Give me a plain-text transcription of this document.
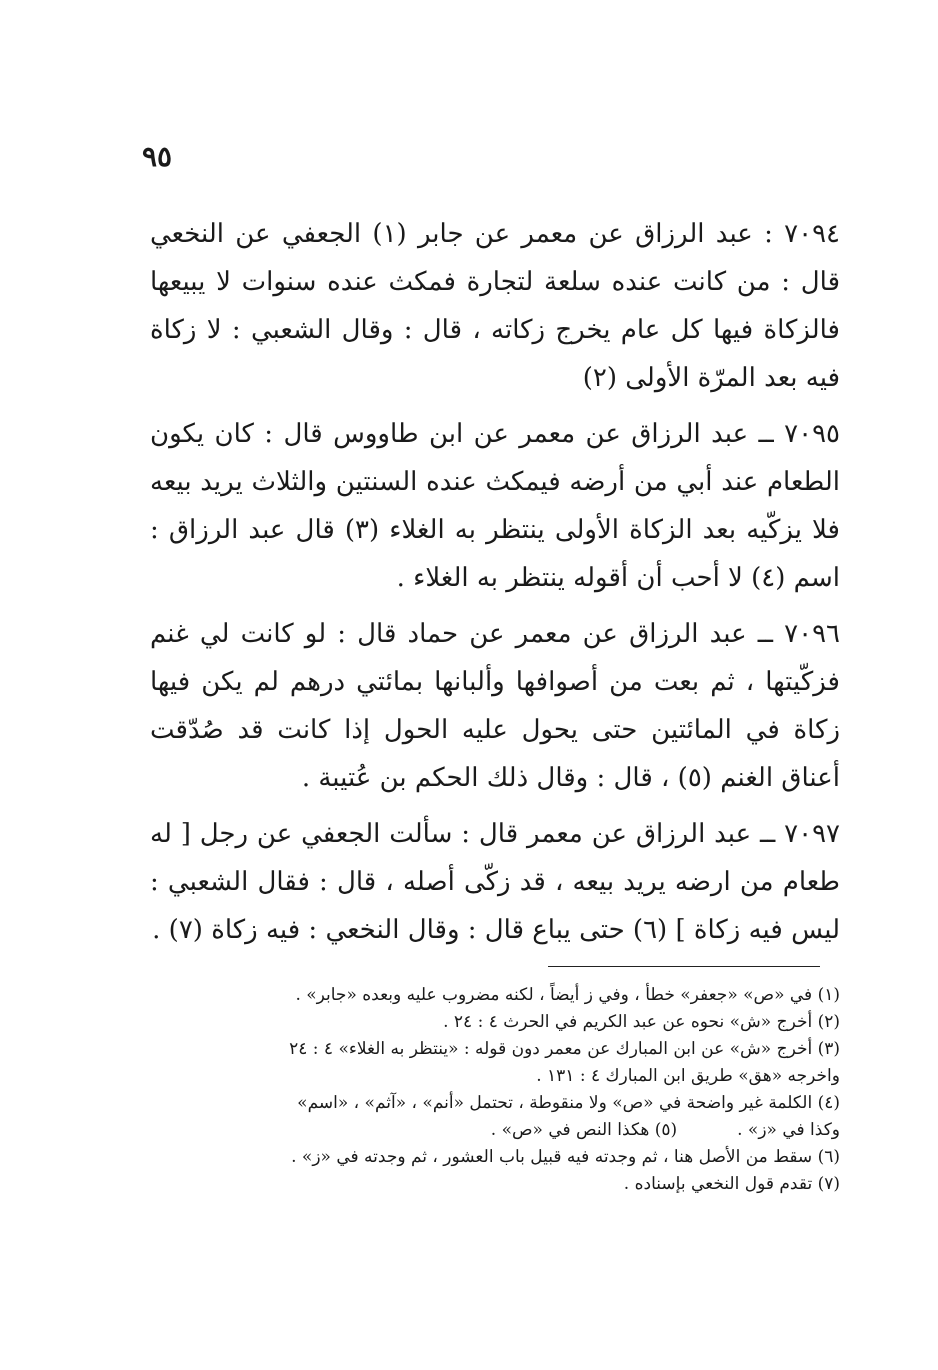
٩٥

٧٠٩٤ : عبد الرزاق عن معمر عن جابر (١) الجعفي عن النخعي قال : من كانت عنده سلعة لتجارة فمكث عنده سنوات لا يبيعها فالزكاة فيها كل عام يخرج زكاته ، قال : وقال الشعبي : لا زكاة فيه بعد المرّة الأولى (٢)

٧٠٩٥ ــ عبد الرزاق عن معمر عن ابن طاووس قال : كان يكون الطعام عند أبي من أرضه فيمكث عنده السنتين والثلاث يريد بيعه فلا يزكّيه بعد الزكاة الأولى ينتظر به الغلاء (٣) قال عبد الرزاق : اسم (٤) لا أحب أن أقوله ينتظر به الغلاء .

٧٠٩٦ ــ عبد الرزاق عن معمر عن حماد قال : لو كانت لي غنم فزكّيتها ، ثم بعت من أصوافها وألبانها بمائتي درهم لم يكن فيها زكاة في المائتين حتى يحول عليه الحول إذا كانت قد صُدّقت أعناق الغنم (٥) ، قال : وقال ذلك الحكم بن عُتيبة .

٧٠٩٧ ــ عبد الرزاق عن معمر قال : سألت الجعفي عن رجل [ له طعام من ارضه يريد بيعه ، قد زكّى أصله ، قال : فقال الشعبي : ليس فيه زكاة ] (٦) حتى يباع قال : وقال النخعي : فيه زكاة (٧) .

(١) في «ص» «جعفر» خطأ ، وفي ز أيضاً ، لكنه مضروب عليه وبعده «جابر» .

(٢) أخرج «ش» نحوه عن عبد الكريم في الحرث ٤ : ٢٤ .

(٣) أخرج «ش» عن ابن المبارك عن معمر دون قوله : «ينتظر به الغلاء» ٤ : ٢٤

واخرجه «هق» طريق ابن المبارك ٤ : ١٣١ .

(٤) الكلمة غير واضحة في «ص» ولا منقوطة ، تحتمل «أنم» ، «آثم» ، «اسم»

وكذا في «ز» .
(٥) هكذا النص في «ص» .

(٦) سقط من الأصل هنا ، ثم وجدته فيه قبيل باب العشور ، ثم وجدته في «ز» .

(٧) تقدم قول النخعي بإسناده .
